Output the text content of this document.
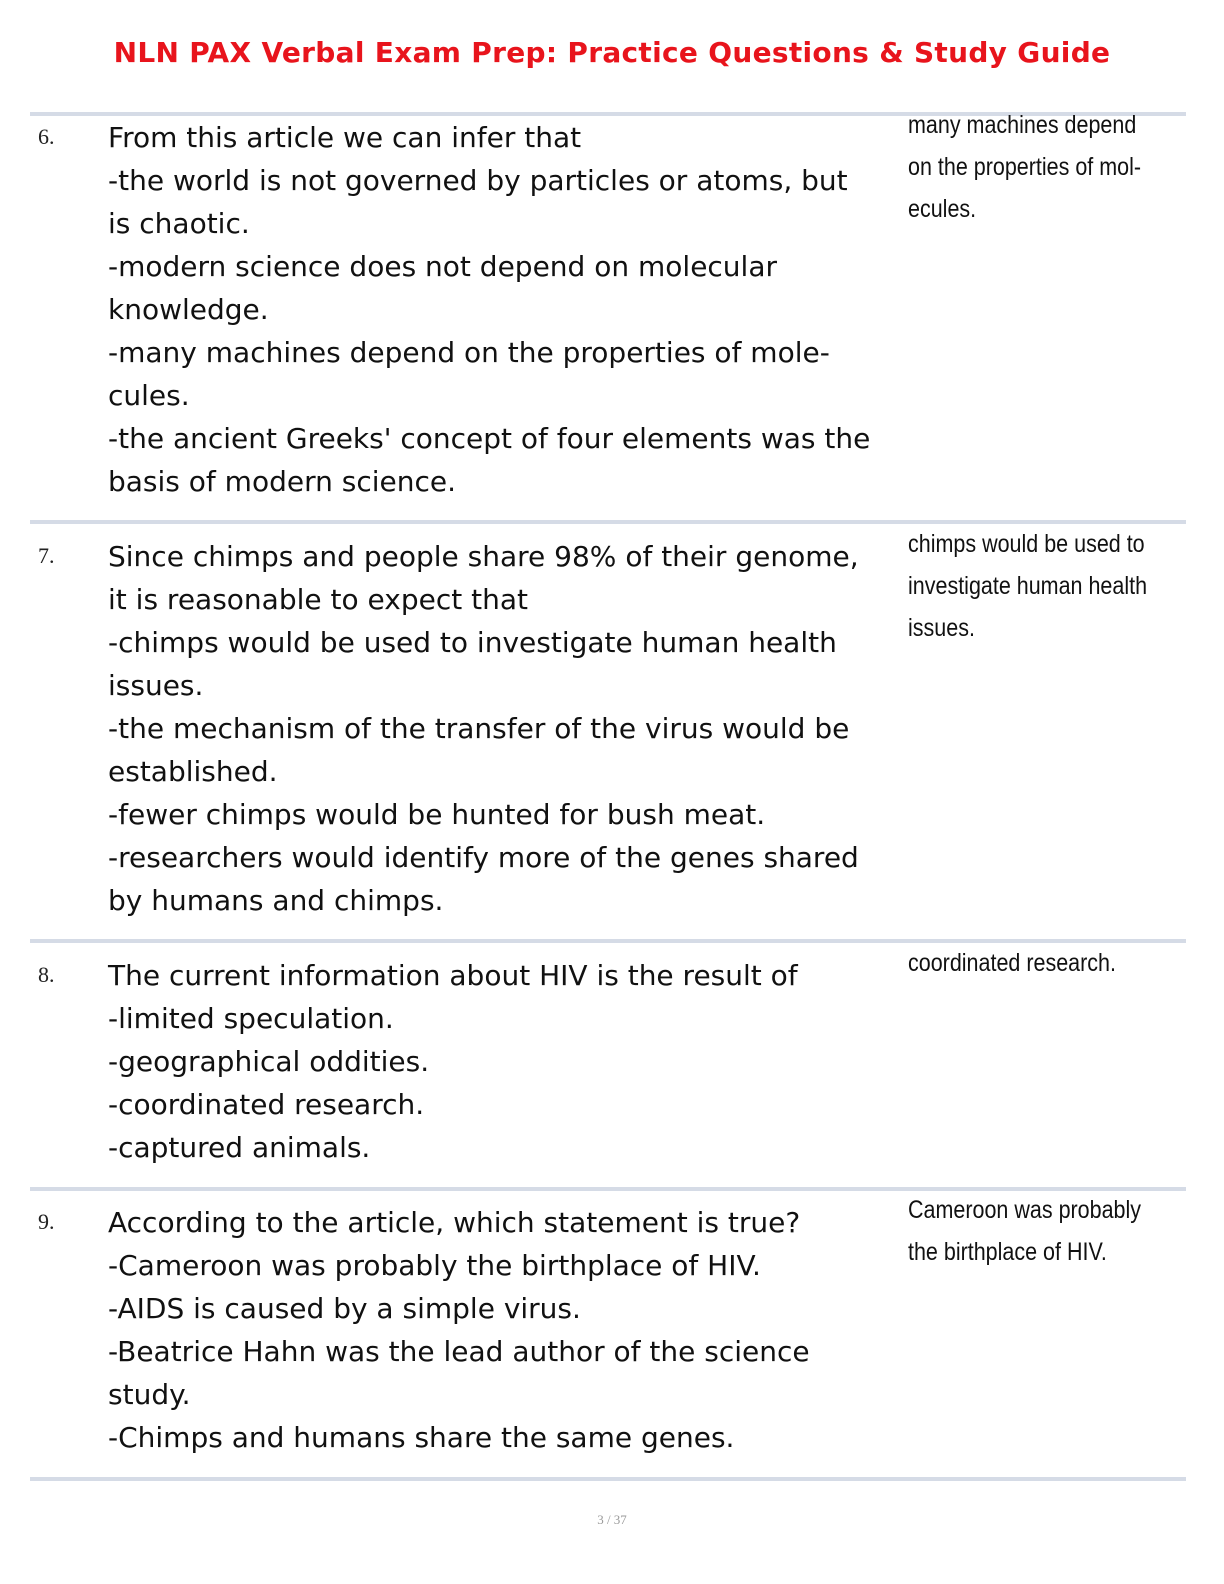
NLN PAX Verbal Exam Prep: Practice Questions & Study Guide
6. From this article we can infer that
-the world is not governed by particles or atoms, but
is chaotic.
-modern science does not depend on molecular
knowledge.
-many machines depend on the properties of mole-
cules.
-the ancient Greeks' concept of four elements was the
basis of modern science.
many machines depend
on the properties of mol-
ecules.
7. Since chimps and people share 98% of their genome,
it is reasonable to expect that
-chimps would be used to investigate human health
issues.
-the mechanism of the transfer of the virus would be
established.
-fewer chimps would be hunted for bush meat.
-researchers would identify more of the genes shared
by humans and chimps.
chimps would be used to
investigate human health
issues.
8. The current information about HIV is the result of
-limited speculation.
-geographical oddities.
-coordinated research.
-captured animals.
coordinated research.
9. According to the article, which statement is true?
-Cameroon was probably the birthplace of HIV.
-AIDS is caused by a simple virus.
-Beatrice Hahn was the lead author of the science
study.
-Chimps and humans share the same genes.
Cameroon was probably
the birthplace of HIV.
3 / 37
